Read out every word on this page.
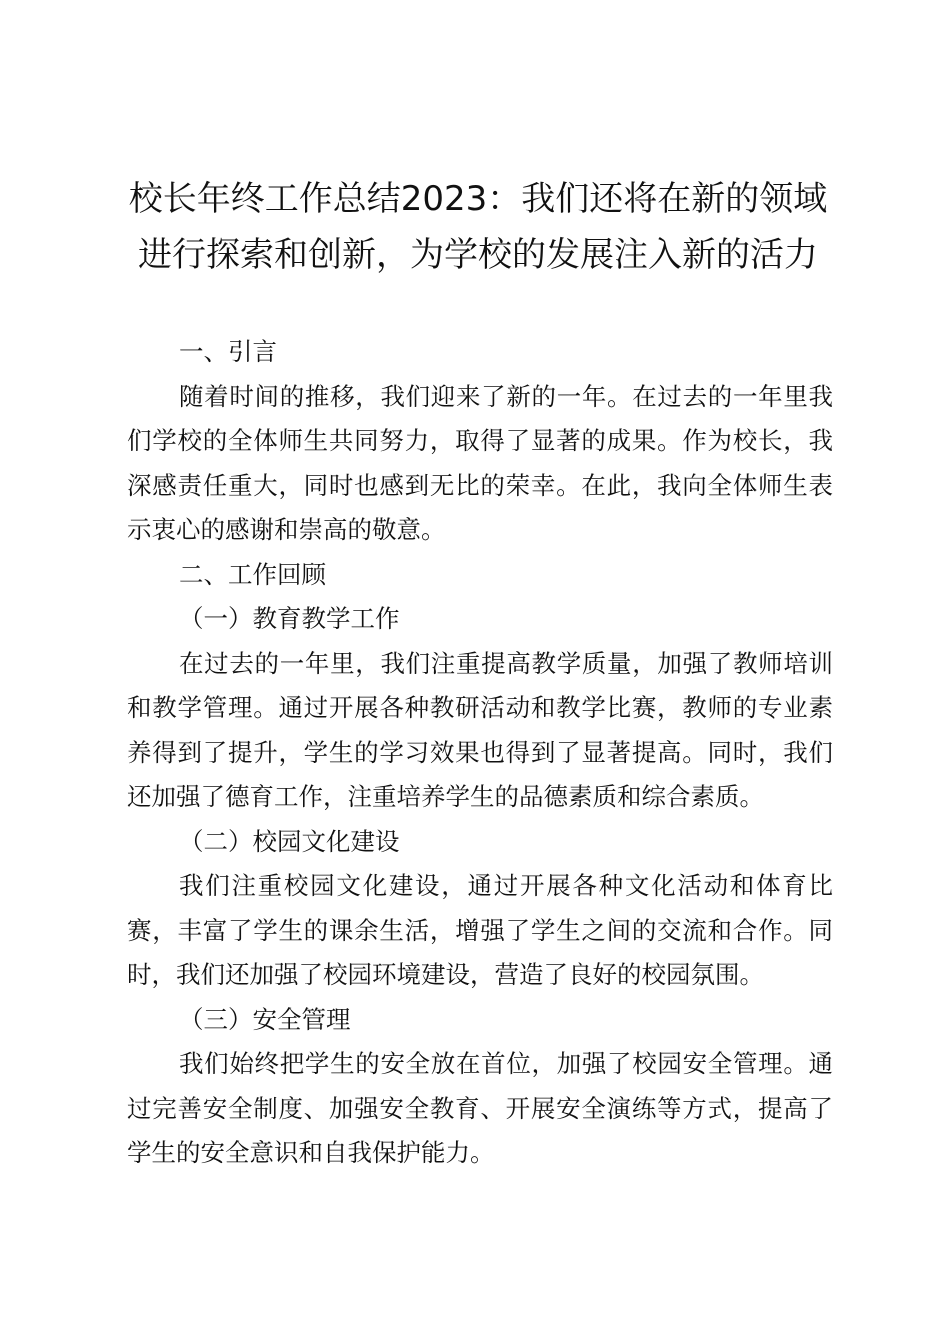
校长年终工作总结2023：我们还将在新的领域进行探索和创新，为学校的发展注入新的活力

一、引言

随着时间的推移，我们迎来了新的一年。在过去的一年里我们学校的全体师生共同努力，取得了显著的成果。作为校长，我深感责任重大，同时也感到无比的荣幸。在此，我向全体师生表示衷心的感谢和崇高的敬意。

二、工作回顾

（一）教育教学工作

在过去的一年里，我们注重提高教学质量，加强了教师培训和教学管理。通过开展各种教研活动和教学比赛，教师的专业素养得到了提升，学生的学习效果也得到了显著提高。同时，我们还加强了德育工作，注重培养学生的品德素质和综合素质。

（二）校园文化建设

我们注重校园文化建设，通过开展各种文化活动和体育比赛，丰富了学生的课余生活，增强了学生之间的交流和合作。同时，我们还加强了校园环境建设，营造了良好的校园氛围。

（三）安全管理

我们始终把学生的安全放在首位，加强了校园安全管理。通过完善安全制度、加强安全教育、开展安全演练等方式，提高了学生的安全意识和自我保护能力。
